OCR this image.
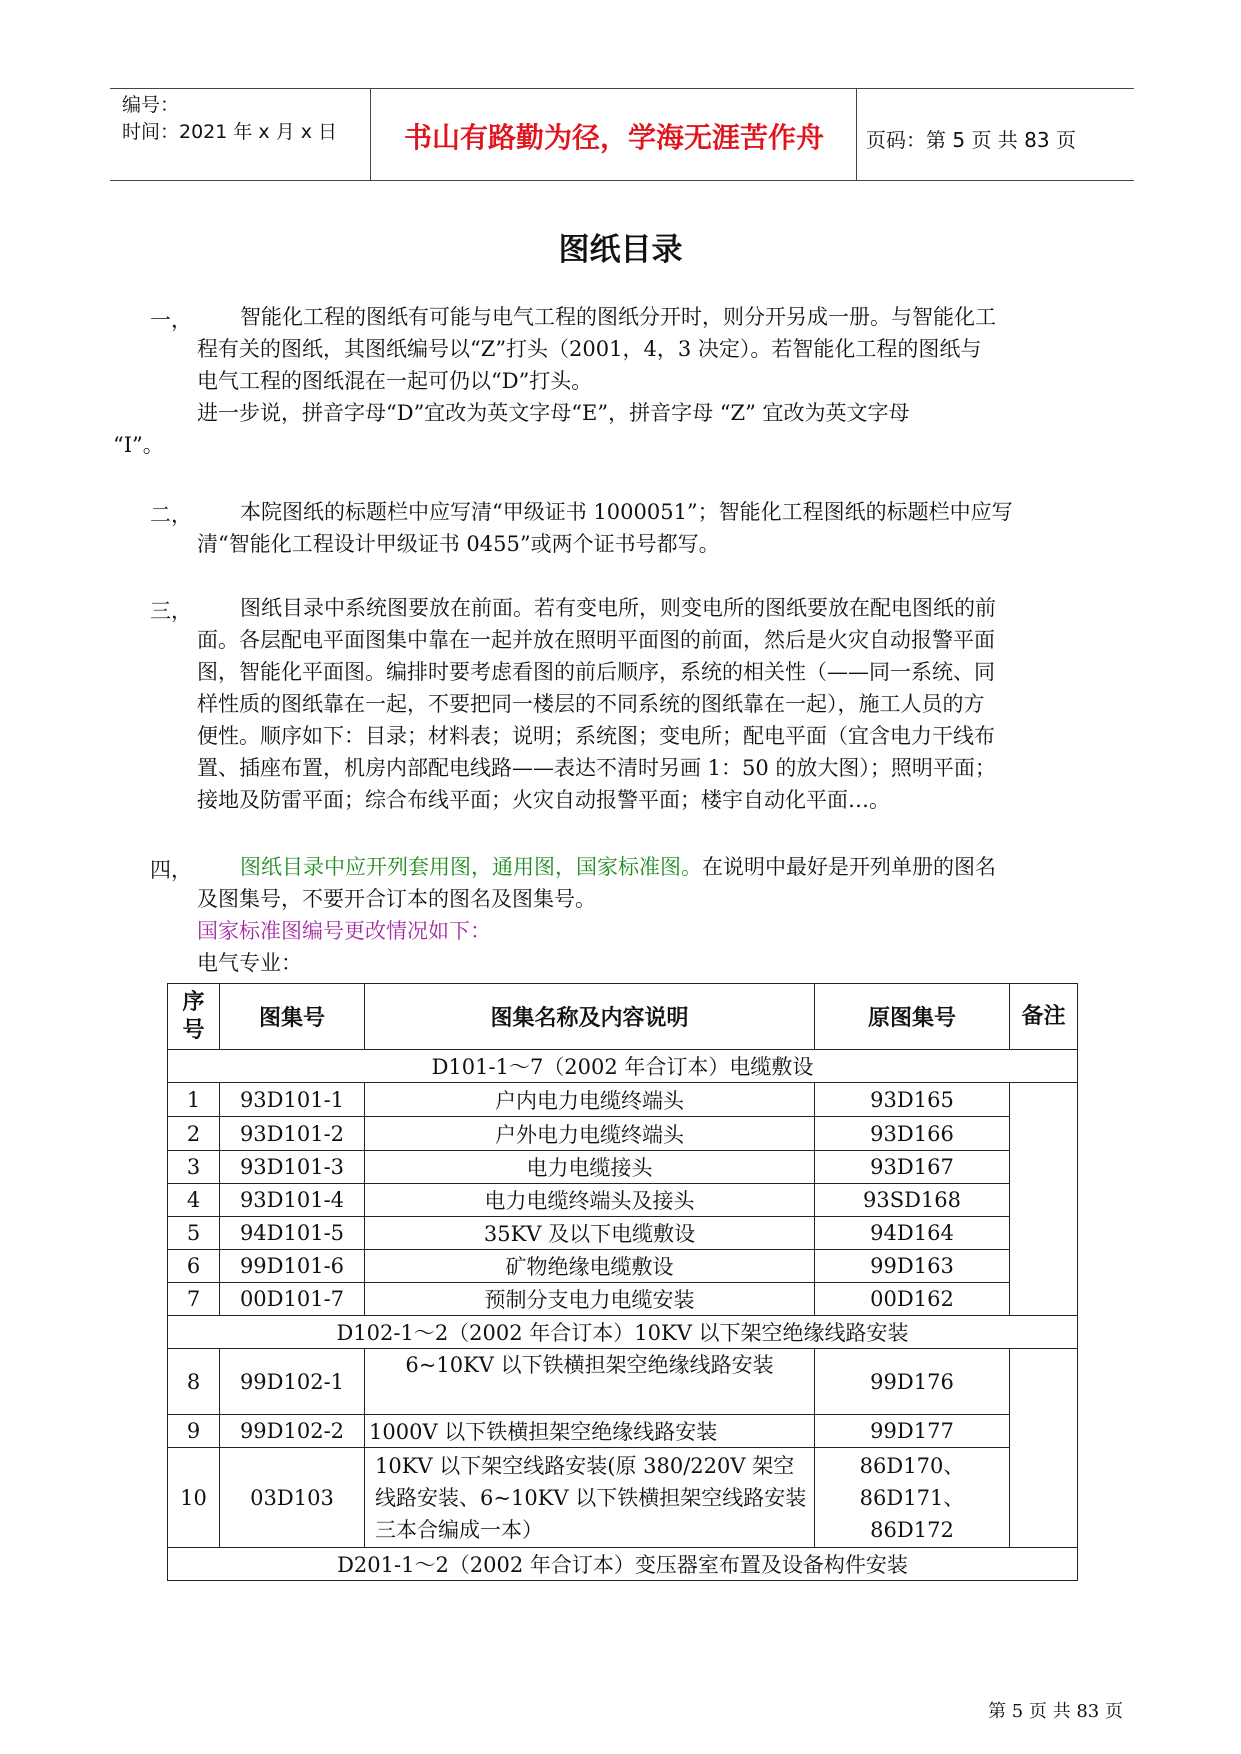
编号：
时间：2021 年 x 月 x 日	书山有路勤为径，学海无涯苦作舟	页码：第 5 页 共 83 页
图纸目录
一， 智能化工程的图纸有可能与电气工程的图纸分开时，则分开另成一册。与智能化工
程有关的图纸，其图纸编号以“Z”打头（2001，4，3 决定）。若智能化工程的图纸与
电气工程的图纸混在一起可仍以“D”打头。
进一步说，拼音字母“D”宜改为英文字母“E”，拼音字母 “Z” 宜改为英文字母
“I”。
二， 本院图纸的标题栏中应写清“甲级证书 1000051”；智能化工程图纸的标题栏中应写
清“智能化工程设计甲级证书 0455”或两个证书号都写。
三， 图纸目录中系统图要放在前面。若有变电所，则变电所的图纸要放在配电图纸的前
面。各层配电平面图集中靠在一起并放在照明平面图的前面，然后是火灾自动报警平面
图，智能化平面图。编排时要考虑看图的前后顺序，系统的相关性（——同一系统、同
样性质的图纸靠在一起，不要把同一楼层的不同系统的图纸靠在一起），施工人员的方
便性。顺序如下：目录；材料表；说明；系统图；变电所；配电平面（宜含电力干线布
置、插座布置，机房内部配电线路——表达不清时另画 1：50 的放大图）；照明平面；
接地及防雷平面；综合布线平面；火灾自动报警平面；楼宇自动化平面…。
四， 图纸目录中应开列套用图，通用图，国家标准图。在说明中最好是开列单册的图名
及图集号，不要开合订本的图名及图集号。
国家标准图编号更改情况如下：
电气专业：
序号	图集号	图集名称及内容说明	原图集号	备注
D101-1～7（2002 年合订本）电缆敷设				
1	93D101-1	户内电力电缆终端头	93D165	
2	93D101-2	户外电力电缆终端头	93D166	
3	93D101-3	电力电缆接头	93D167	
4	93D101-4	电力电缆终端头及接头	93SD168	
5	94D101-5	35KV 及以下电缆敷设	94D164	
6	99D101-6	矿物绝缘电缆敷设	99D163	
7	00D101-7	预制分支电力电缆安装	00D162	
D102-1～2（2002 年合订本）10KV 以下架空绝缘线路安装				
8	99D102-1	6~10KV 以下铁横担架空绝缘线路安装	99D176	
9	99D102-2	1000V 以下铁横担架空绝缘线路安装	99D177	
10	03D103	10KV 以下架空线路安装(原 380/220V 架空线路安装、6~10KV 以下铁横担架空线路安装三本合编成一本）	86D170、86D171、86D172	
D201-1～2（2002 年合订本）变压器室布置及设备构件安装				
第 5 页 共 83 页
